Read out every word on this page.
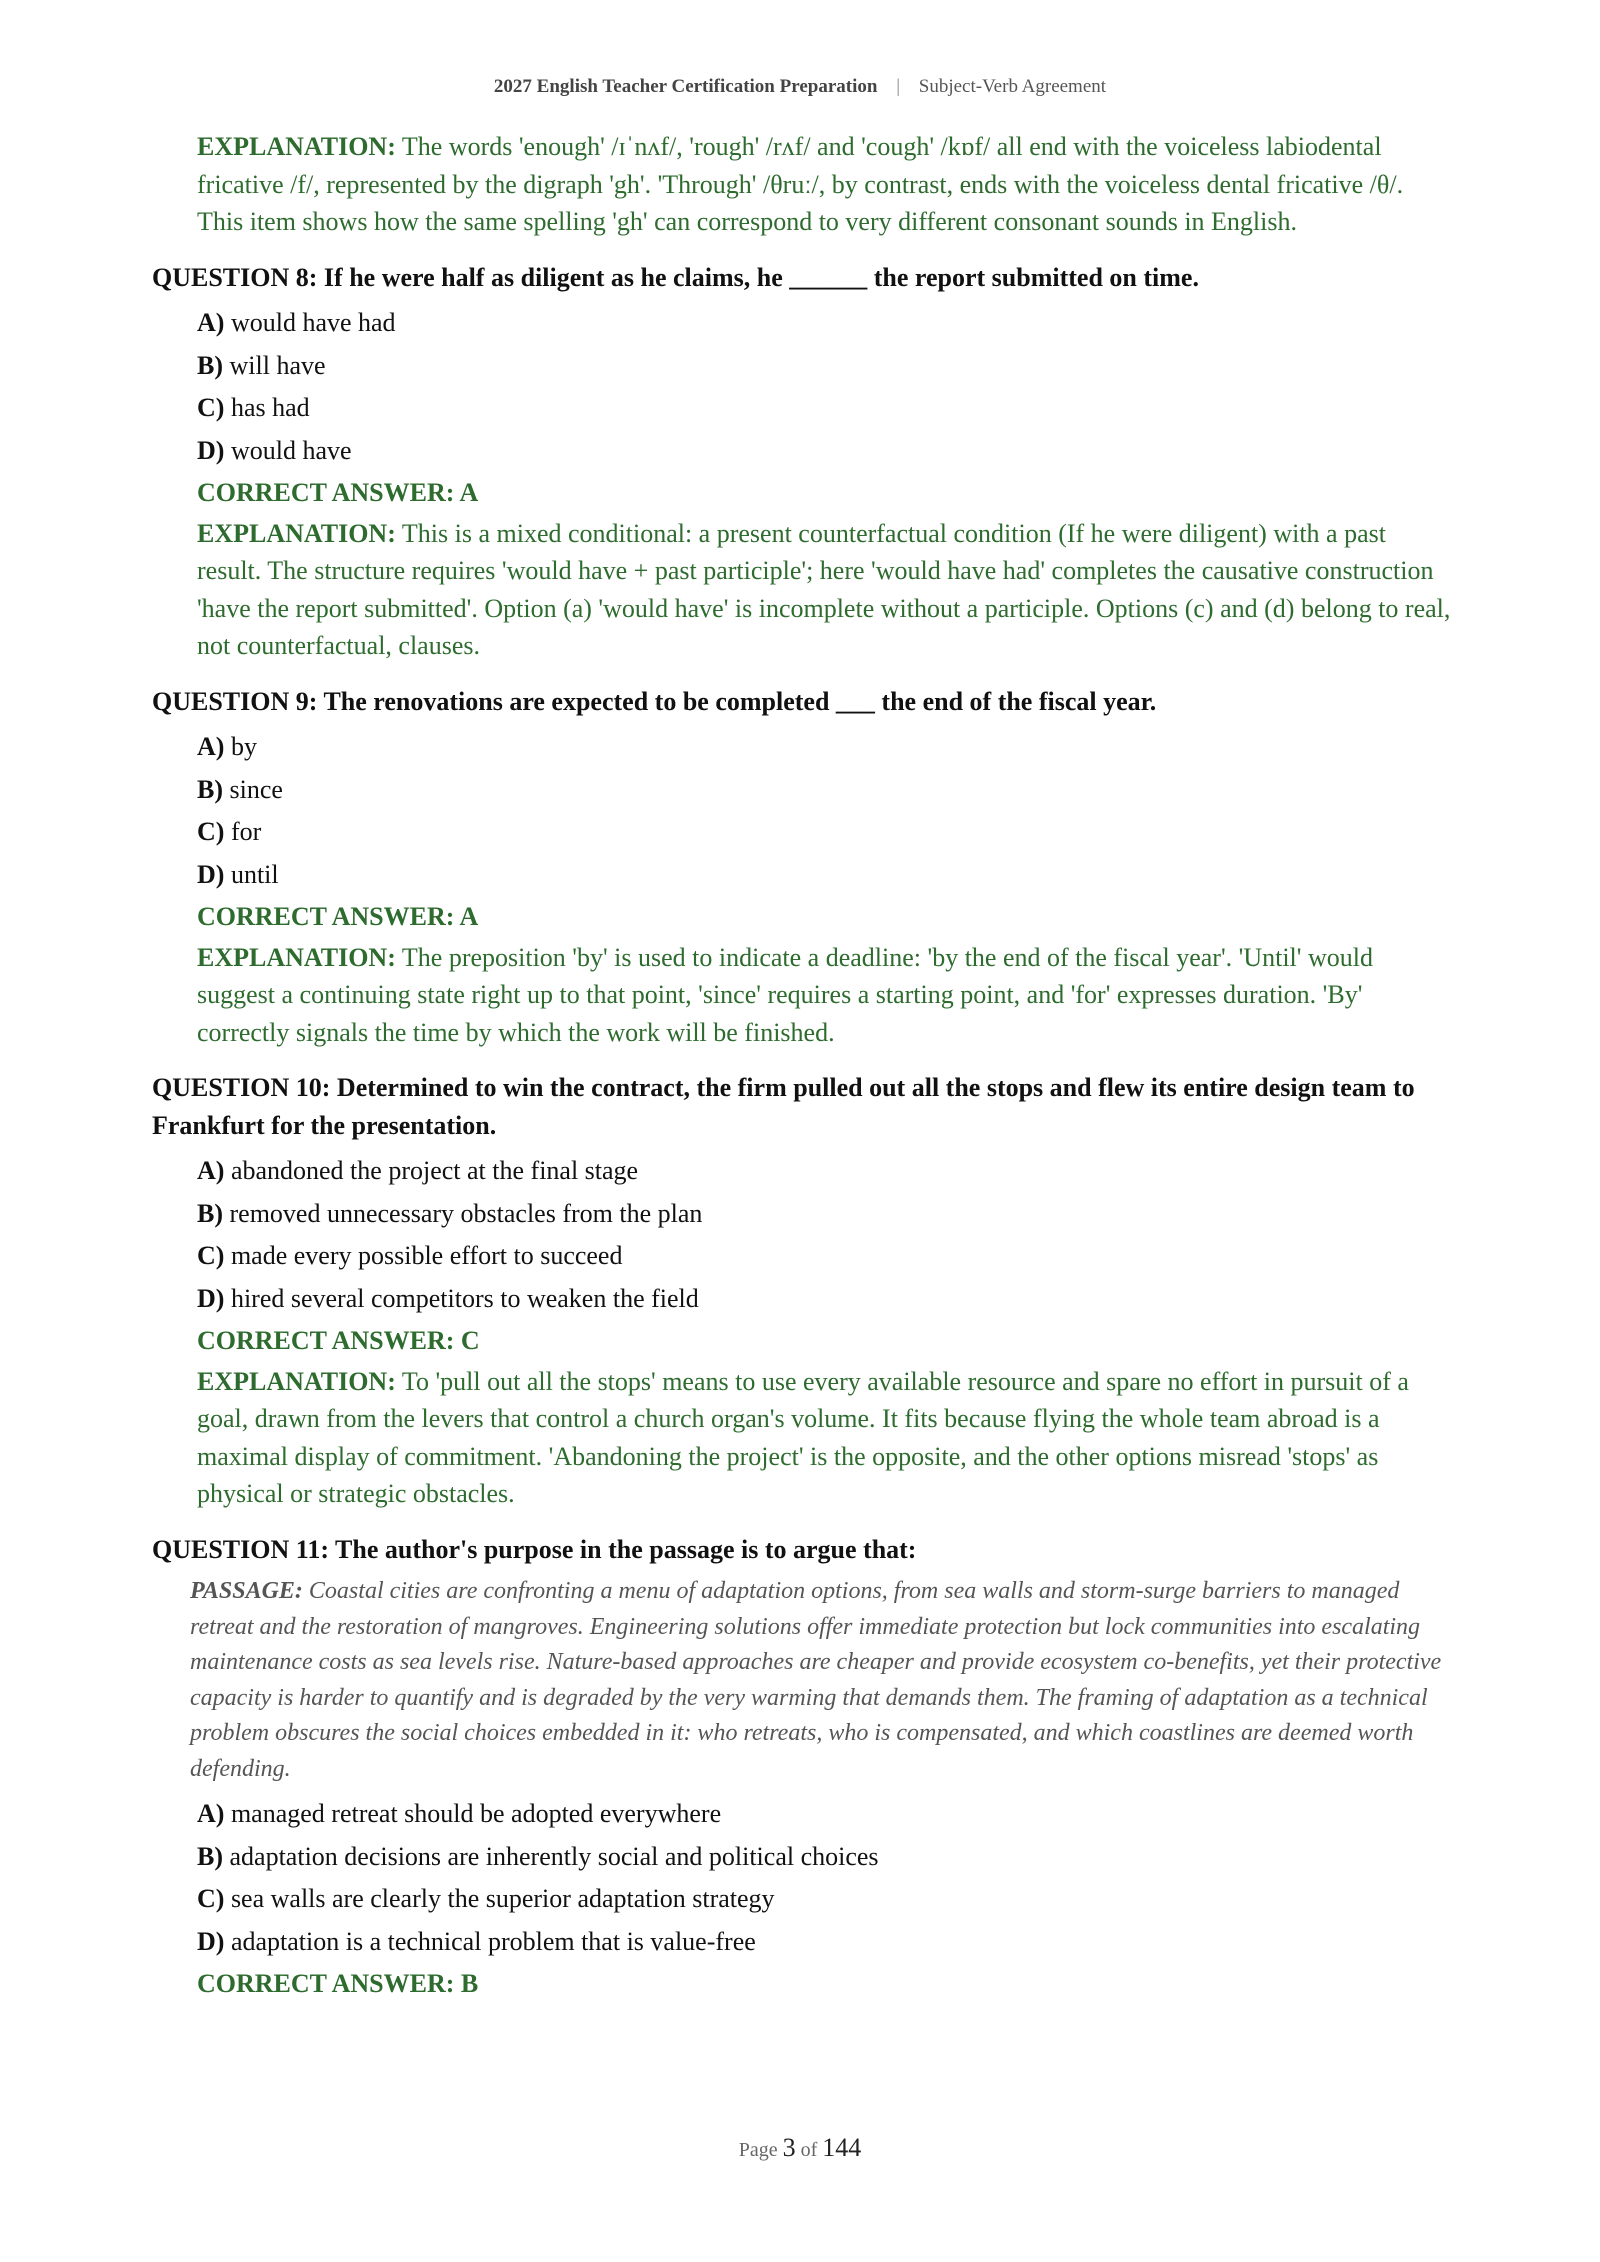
2027 English Teacher Certification Preparation | Subject-Verb Agreement
EXPLANATION: The words 'enough' /ɪˈnʌf/, 'rough' /rʌf/ and 'cough' /kɒf/ all end with the voiceless labiodental fricative /f/, represented by the digraph 'gh'. 'Through' /θruː/, by contrast, ends with the voiceless dental fricative /θ/. This item shows how the same spelling 'gh' can correspond to very different consonant sounds in English.
QUESTION 8: If he were half as diligent as he claims, he ______ the report submitted on time.
A) would have had
B) will have
C) has had
D) would have
CORRECT ANSWER: A
EXPLANATION: This is a mixed conditional: a present counterfactual condition (If he were diligent) with a past result. The structure requires 'would have + past participle'; here 'would have had' completes the causative construction 'have the report submitted'. Option (a) 'would have' is incomplete without a participle. Options (c) and (d) belong to real, not counterfactual, clauses.
QUESTION 9: The renovations are expected to be completed ___ the end of the fiscal year.
A) by
B) since
C) for
D) until
CORRECT ANSWER: A
EXPLANATION: The preposition 'by' is used to indicate a deadline: 'by the end of the fiscal year'. 'Until' would suggest a continuing state right up to that point, 'since' requires a starting point, and 'for' expresses duration. 'By' correctly signals the time by which the work will be finished.
QUESTION 10: Determined to win the contract, the firm pulled out all the stops and flew its entire design team to Frankfurt for the presentation.
A) abandoned the project at the final stage
B) removed unnecessary obstacles from the plan
C) made every possible effort to succeed
D) hired several competitors to weaken the field
CORRECT ANSWER: C
EXPLANATION: To 'pull out all the stops' means to use every available resource and spare no effort in pursuit of a goal, drawn from the levers that control a church organ's volume. It fits because flying the whole team abroad is a maximal display of commitment. 'Abandoning the project' is the opposite, and the other options misread 'stops' as physical or strategic obstacles.
QUESTION 11: The author's purpose in the passage is to argue that:
PASSAGE: Coastal cities are confronting a menu of adaptation options, from sea walls and storm-surge barriers to managed retreat and the restoration of mangroves. Engineering solutions offer immediate protection but lock communities into escalating maintenance costs as sea levels rise. Nature-based approaches are cheaper and provide ecosystem co-benefits, yet their protective capacity is harder to quantify and is degraded by the very warming that demands them. The framing of adaptation as a technical problem obscures the social choices embedded in it: who retreats, who is compensated, and which coastlines are deemed worth defending.
A) managed retreat should be adopted everywhere
B) adaptation decisions are inherently social and political choices
C) sea walls are clearly the superior adaptation strategy
D) adaptation is a technical problem that is value-free
CORRECT ANSWER: B
Page 3 of 144
